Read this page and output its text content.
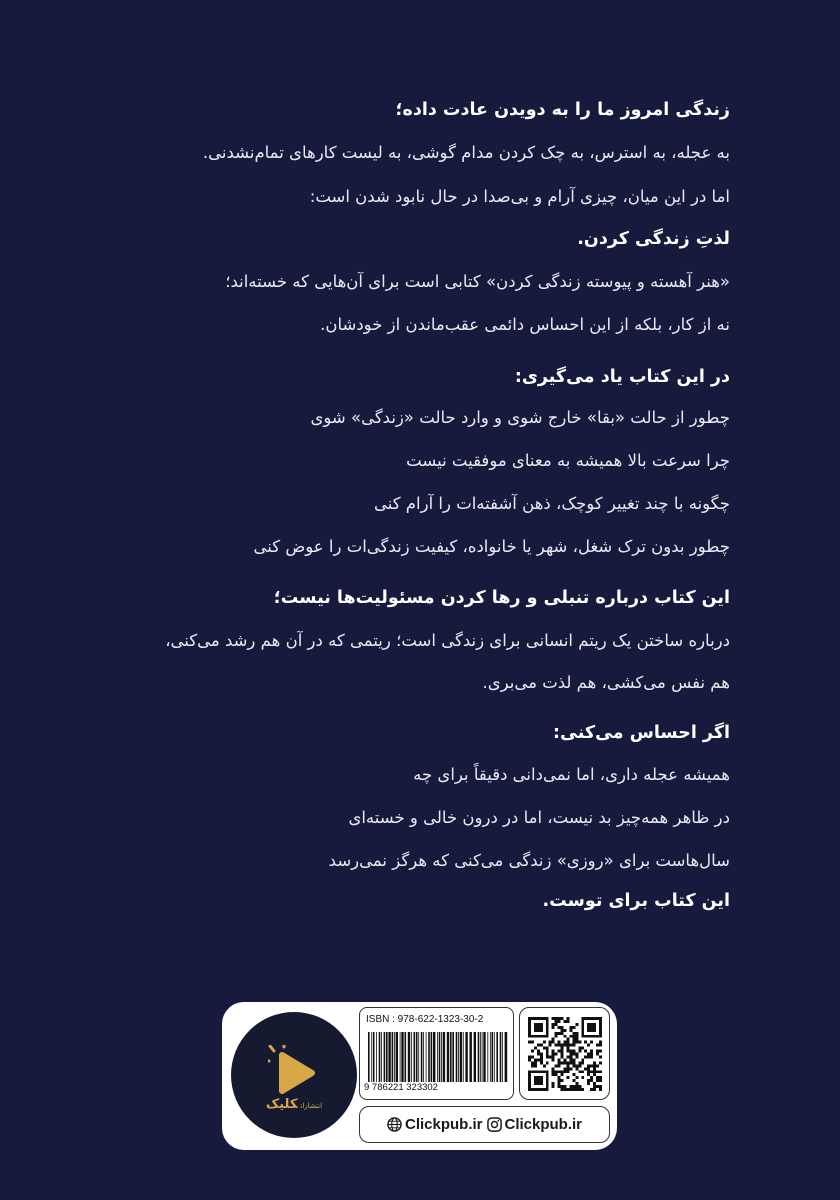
زندگی امروز ما را به دویدن عادت داده؛
به عجله، به استرس، به چک کردن مدام گوشی، به لیست کارهای تمام‌نشدنی.
اما در این میان، چیزی آرام و بی‌صدا در حال نابود شدن است:
لذتِ زندگی کردن.
«هنر آهسته و پیوسته زندگی کردن» کتابی است برای آن‌هایی که خسته‌اند؛
نه از کار، بلکه از این احساس دائمی عقب‌ماندن از خودشان.
در این کتاب یاد می‌گیری:
چطور از حالت «بقا» خارج شوی و وارد حالت «زندگی» شوی
چرا سرعت بالا همیشه به معنای موفقیت نیست
چگونه با چند تغییر کوچک، ذهن آشفته‌ات را آرام کنی
چطور بدون ترک شغل، شهر یا خانواده، کیفیت زندگی‌ات را عوض کنی
این کتاب درباره تنبلی و رها کردن مسئولیت‌ها نیست؛
درباره ساختن یک ریتم انسانی برای زندگی است؛ ریتمی که در آن هم رشد می‌کنی،
هم نفس می‌کشی، هم لذت می‌بری.
اگر احساس می‌کنی:
همیشه عجله داری، اما نمی‌دانی دقیقاً برای چه
در ظاهر همه‌چیز بد نیست، اما در درون خالی و خسته‌ای
سال‌هاست برای «روزی» زندگی می‌کنی که هرگز نمی‌رسد
این کتاب برای توست.
انتشاراتکلیک
ISBN : 978-622-1323-30-2
9 786221 323302
Clickpub.ir Clickpub.ir
